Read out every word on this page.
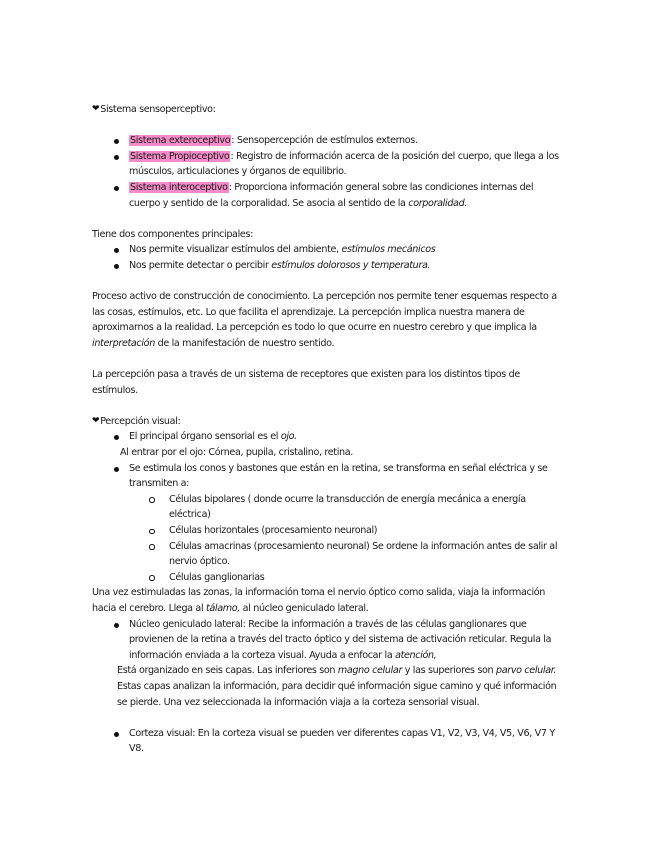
❤ Sistema sensoperceptivo:

Sistema exteroceptivo: Sensopercepción de estímulos externos.
Sistema Propioceptivo: Registro de información acerca de la posición del cuerpo, que llega a los músculos, articulaciones y órganos de equilibrio.
Sistema interoceptivo: Proporciona información general sobre las condiciones internas del cuerpo y sentido de la corporalidad. Se asocia al sentido de la corporalidad.

Tiene dos componentes principales:

Nos permite visualizar estímulos del ambiente, estímulos mecánicos
Nos permite detectar o percibir estímulos dolorosos y temperatura.

Proceso activo de construcción de conocimiento. La percepción nos permite tener esquemas respecto a las cosas, estímulos, etc. Lo que facilita el aprendizaje. La percepción implica nuestra manera de aproximarnos a la realidad. La percepción es todo lo que ocurre en nuestro cerebro y que implica la interpretación de la manifestación de nuestro sentido.

La percepción pasa a través de un sistema de receptores que existen para los distintos tipos de estímulos.

❤ Percepción visual:

El principal órgano sensorial es el ojo.

Al entrar por el ojo: Córnea, pupila, cristalino, retina.

Se estimula los conos y bastones que están en la retina, se transforma en señal eléctrica y se transmiten a:
Células bipolares ( donde ocurre la transducción de energía mecánica a energía eléctrica)
Células horizontales (procesamiento neuronal)
Células amacrinas (procesamiento neuronal) Se ordene la información antes de salir al nervio óptico.
Células ganglionarias

Una vez estimuladas las zonas, la información toma el nervio óptico como salida, viaja la información hacia el cerebro. Llega al tálamo, al núcleo geniculado lateral.

Núcleo geniculado lateral: Recibe la información a través de las células ganglionares que provienen de la retina a través del tracto óptico y del sistema de activación reticular. Regula la información enviada a la corteza visual. Ayuda a enfocar la atención,

Está organizado en seis capas. Las inferiores son magno celular y las superiores son parvo celular. Estas capas analizan la información, para decidir qué información sigue camino y qué información se pierde. Una vez seleccionada la información viaja a la corteza sensorial visual.

Corteza visual: En la corteza visual se pueden ver diferentes capas V1, V2, V3, V4, V5, V6, V7 Y V8.
